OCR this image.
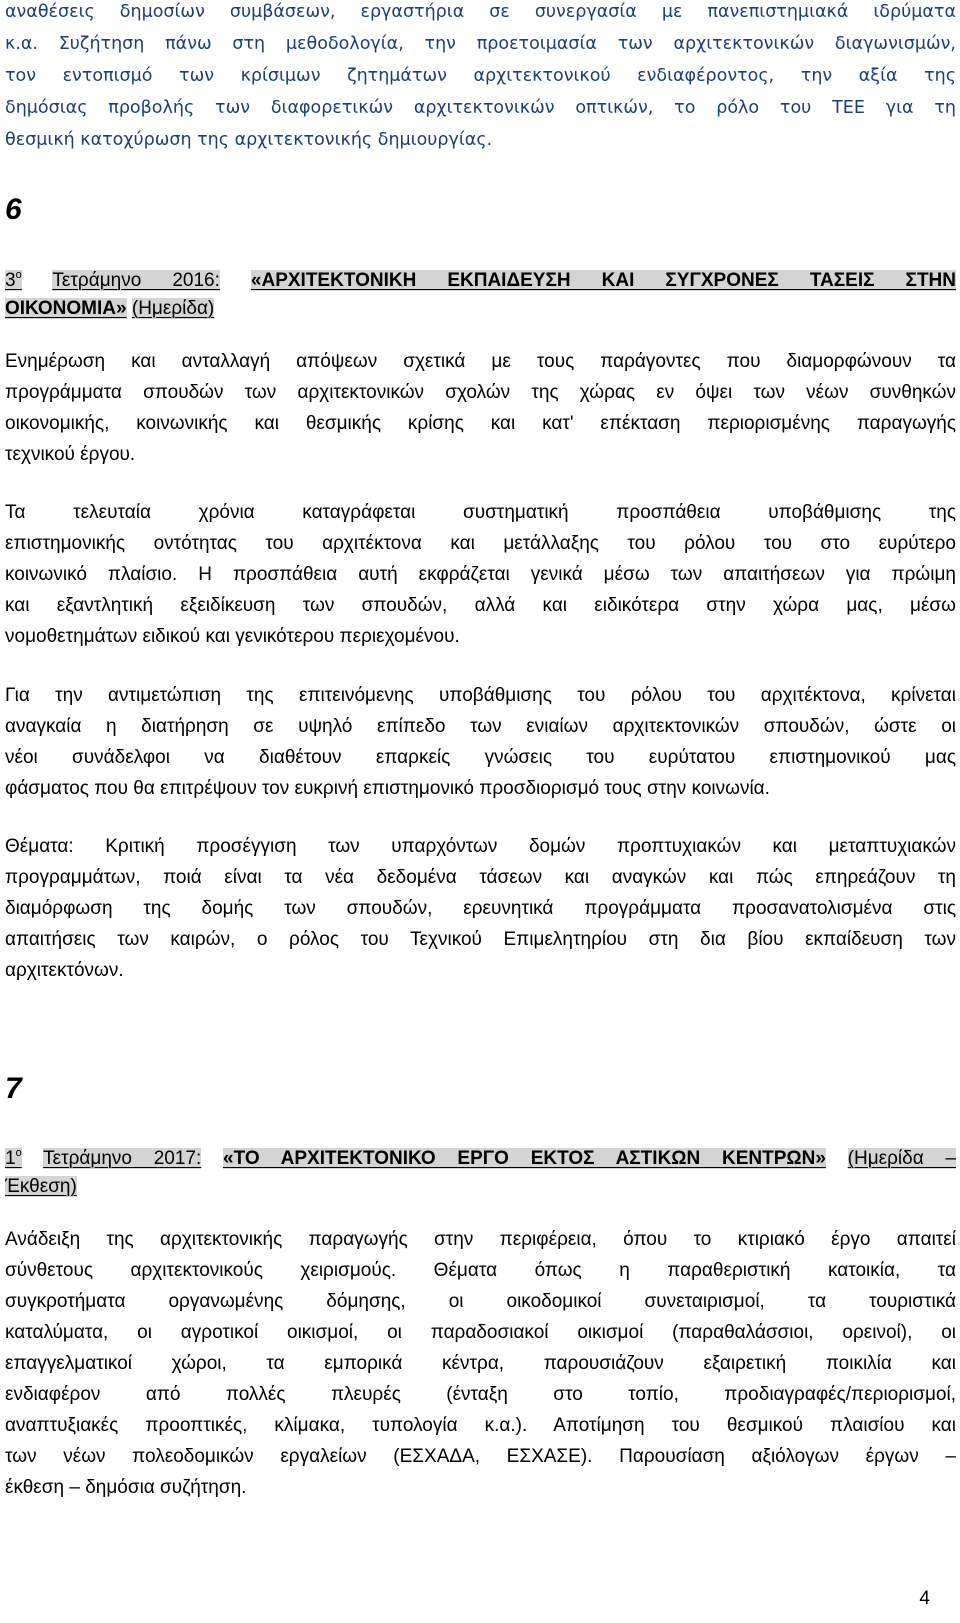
αναθέσεις δημοσίων συμβάσεων, εργαστήρια σε συνεργασία με πανεπιστημιακά ιδρύματα
κ.α. Συζήτηση πάνω στη μεθοδολογία, την προετοιμασία των αρχιτεκτονικών διαγωνισμών,
τον εντοπισμό των κρίσιμων ζητημάτων αρχιτεκτονικού ενδιαφέροντος, την αξία της
δημόσιας προβολής των διαφορετικών αρχιτεκτονικών οπτικών, το ρόλο του ΤΕΕ για τη
θεσμική κατοχύρωση της αρχιτεκτονικής δημιουργίας.
6
$3^o$ Τετράμηνο 2016: «ΑΡΧΙΤΕΚΤΟΝΙΚΗ ΕΚΠΑΙΔΕΥΣΗ ΚΑΙ ΣΥΓΧΡΟΝΕΣ ΤΑΣΕΙΣ ΣΤΗΝ
ΟΙΚΟΝΟΜΙΑ» (Ημερίδα)
Ενημέρωση και ανταλλαγή απόψεων σχετικά με τους παράγοντες που διαμορφώνουν τα
προγράμματα σπουδών των αρχιτεκτονικών σχολών της χώρας εν όψει των νέων συνθηκών
οικονομικής, κοινωνικής και θεσμικής κρίσης και κατ' επέκταση περιορισμένης παραγωγής
τεχνικού έργου.
Τα τελευταία χρόνια καταγράφεται συστηματική προσπάθεια υποβάθμισης της
επιστημονικής οντότητας του αρχιτέκτονα και μετάλλαξης του ρόλου του στο ευρύτερο
κοινωνικό πλαίσιο. Η προσπάθεια αυτή εκφράζεται γενικά μέσω των απαιτήσεων για πρώιμη
και εξαντλητική εξειδίκευση των σπουδών, αλλά και ειδικότερα στην χώρα μας, μέσω
νομοθετημάτων ειδικού και γενικότερου περιεχομένου.
Για την αντιμετώπιση της επιτεινόμενης υποβάθμισης του ρόλου του αρχιτέκτονα, κρίνεται
αναγκαία η διατήρηση σε υψηλό επίπεδο των ενιαίων αρχιτεκτονικών σπουδών, ώστε οι
νέοι συνάδελφοι να διαθέτουν επαρκείς γνώσεις του ευρύτατου επιστημονικού μας
φάσματος που θα επιτρέψουν τον ευκρινή επιστημονικό προσδιορισμό τους στην κοινωνία.
Θέματα: Κριτική προσέγγιση των υπαρχόντων δομών προπτυχιακών και μεταπτυχιακών
προγραμμάτων, ποιά είναι τα νέα δεδομένα τάσεων και αναγκών και πώς επηρεάζουν τη
διαμόρφωση της δομής των σπουδών, ερευνητικά προγράμματα προσανατολισμένα στις
απαιτήσεις των καιρών, ο ρόλος του Τεχνικού Επιμελητηρίου στη δια βίου εκπαίδευση των
αρχιτεκτόνων.
7
$1^o$ Τετράμηνο 2017: «ΤΟ ΑΡΧΙΤΕΚΤΟΝΙΚΟ ΕΡΓΟ ΕΚΤΟΣ ΑΣΤΙΚΩΝ ΚΕΝΤΡΩΝ» (Ημερίδα –
Έκθεση)
Ανάδειξη της αρχιτεκτονικής παραγωγής στην περιφέρεια, όπου το κτιριακό έργο απαιτεί
σύνθετους αρχιτεκτονικούς χειρισμούς. Θέματα όπως η παραθεριστική κατοικία, τα
συγκροτήματα οργανωμένης δόμησης, οι οικοδομικοί συνεταιρισμοί, τα τουριστικά
καταλύματα, οι αγροτικοί οικισμοί, οι παραδοσιακοί οικισμοί (παραθαλάσσιοι, ορεινοί), οι
επαγγελματικοί χώροι, τα εμπορικά κέντρα, παρουσιάζουν εξαιρετική ποικιλία και
ενδιαφέρον από πολλές πλευρές (ένταξη στο τοπίο, προδιαγραφές/περιορισμοί,
αναπτυξιακές προοπτικές, κλίμακα, τυπολογία κ.α.). Αποτίμηση του θεσμικού πλαισίου και
των νέων πολεοδομικών εργαλείων (ΕΣΧΑΔΑ, ΕΣΧΑΣΕ). Παρουσίαση αξιόλογων έργων –
έκθεση – δημόσια συζήτηση.
4
